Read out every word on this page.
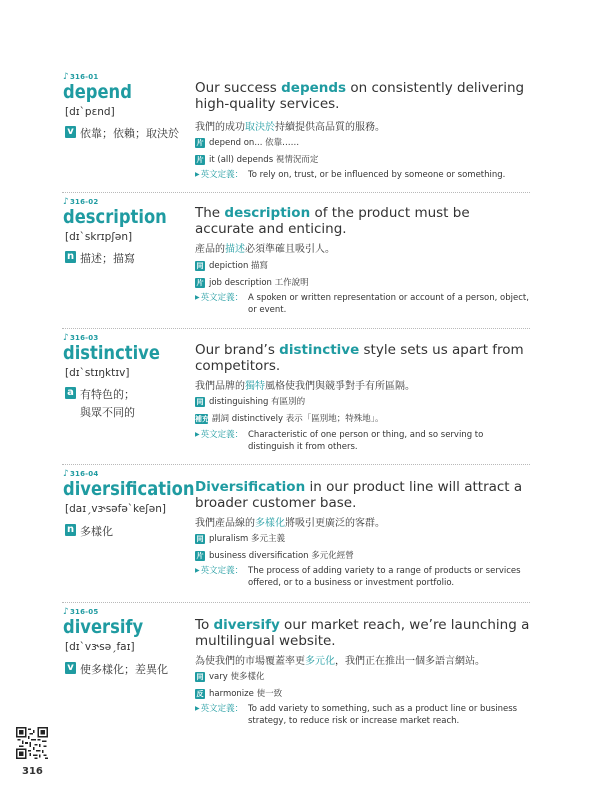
♪316-01
depend
[dɪˋpɛnd]
v 依靠；依賴；取決於
Our success depends on consistently delivering high-quality services.
我們的成功取決於持續提供高品質的服務。
片 depend on... 依靠……
片 it (all) depends 視情況而定
▶英文定義： To rely on, trust, or be influenced by someone or something.
♪316-02
description
[dɪˋskrɪpʃən]
n 描述；描寫
The description of the product must be accurate and enticing.
產品的描述必須準確且吸引人。
同 depiction 描寫
片 job description 工作說明
▶英文定義： A spoken or written representation or account of a person, object, or event.
♪316-03
distinctive
[dɪˋstɪŋktɪv]
a 有特色的；
與眾不同的
Our brand’s distinctive style sets us apart from competitors.
我們品牌的獨特風格使我們與競爭對手有所區隔。
同 distinguishing 有區別的
補充 副詞 distinctively 表示「區別地；特殊地」。
▶英文定義： Characteristic of one person or thing, and so serving to distinguish it from others.
♪316-04
diversification
[daɪˏvɝsəfəˋkeʃən]
n 多樣化
Diversification in our product line will attract a broader customer base.
我們產品線的多樣化將吸引更廣泛的客群。
同 pluralism 多元主義
片 business diversification 多元化經營
▶英文定義： The process of adding variety to a range of products or services offered, or to a business or investment portfolio.
♪316-05
diversify
[dɪˋvɝsəˏfaɪ]
v 使多樣化；差異化
To diversify our market reach, we’re launching a multilingual website.
為使我們的市場覆蓋率更多元化，我們正在推出一個多語言網站。
同 vary 使多樣化
反 harmonize 使一致
▶英文定義： To add variety to something, such as a product line or business strategy, to reduce risk or increase market reach.
316
